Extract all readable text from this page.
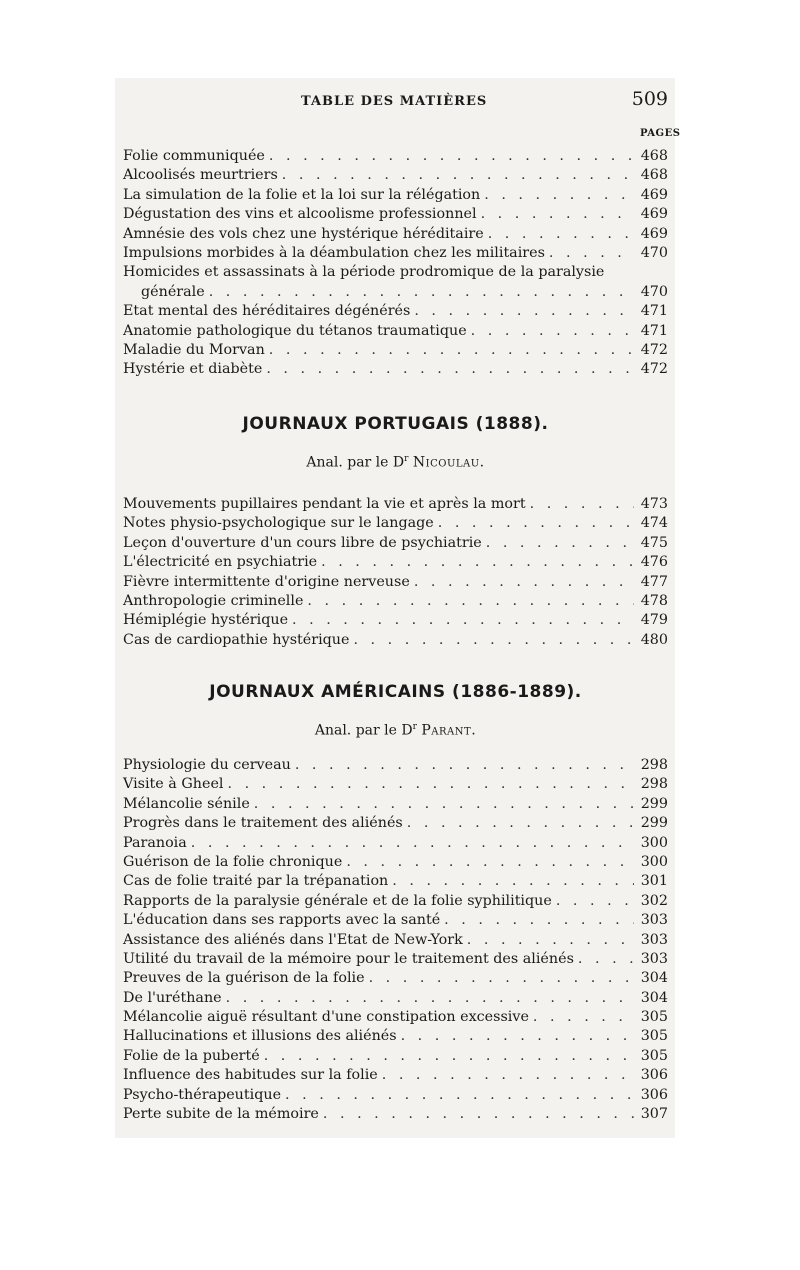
TABLE DES MATIÈRES	509
PAGES
Folie communiquée . . .	468
Alcoolisés meurtriers . . .	468
La simulation de la folie et la loi sur la rélégation . . .	469
Dégustation des vins et alcoolisme professionnel . . .	469
Amnésie des vols chez une hystérique héréditaire . . .	469
Impulsions morbides à la déambulation chez les militaires . . .	470
Homicides et assassinats à la période prodromique de la paralysie
générale . . .	470
Etat mental des héréditaires dégénérés . . .	471
Anatomie pathologique du tétanos traumatique . . .	471
Maladie du Morvan . . .	472
Hystérie et diabète . . .	472
JOURNAUX PORTUGAIS (1888).
Anal. par le $D^r$ Nicoulau.
Mouvements pupillaires pendant la vie et après la mort . . .	473
Notes physio-psychologique sur le langage . . .	474
Leçon d'ouverture d'un cours libre de psychiatrie . . .	475
L'électricité en psychiatrie . . .	476
Fièvre intermittente d'origine nerveuse . . .	477
Anthropologie criminelle . . .	478
Hémiplégie hystérique . . .	479
Cas de cardiopathie hystérique . . .	480
JOURNAUX AMÉRICAINS (1886-1889).
Anal. par le $D^r$ Parant.
Physiologie du cerveau . . .	298
Visite à Gheel . . .	298
Mélancolie sénile . . .	299
Progrès dans le traitement des aliénés . . .	299
Paranoia . . .	300
Guérison de la folie chronique . . .	300
Cas de folie traité par la trépanation . . .	301
Rapports de la paralysie générale et de la folie syphilitique . . .	302
L'éducation dans ses rapports avec la santé . . .	303
Assistance des aliénés dans l'Etat de New-York . . .	303
Utilité du travail de la mémoire pour le traitement des aliénés . . .	303
Preuves de la guérison de la folie . . .	304
De l'uréthane . . .	304
Mélancolie aiguë résultant d'une constipation excessive . . .	305
Hallucinations et illusions des aliénés . . .	305
Folie de la puberté . . .	305
Influence des habitudes sur la folie . . .	306
Psycho-thérapeutique . . .	306
Perte subite de la mémoire . . .	307
